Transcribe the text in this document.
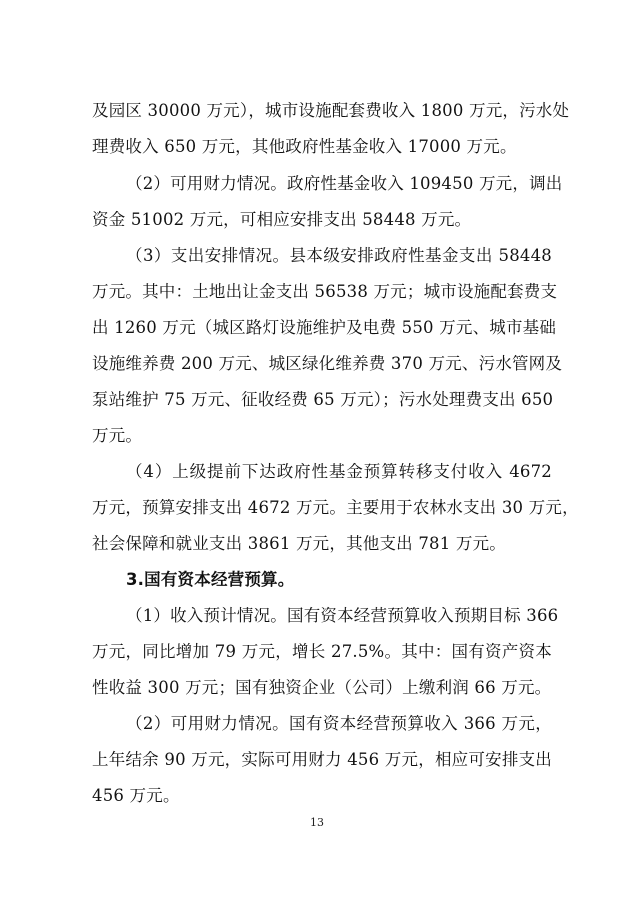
及园区 30000 万元），城市设施配套费收入 1800 万元，污水处
理费收入 650 万元，其他政府性基金收入 17000 万元。
（2）可用财力情况。政府性基金收入 109450 万元，调出
资金 51002 万元，可相应安排支出 58448 万元。
（3）支出安排情况。县本级安排政府性基金支出 58448
万元。其中：土地出让金支出 56538 万元；城市设施配套费支
出 1260 万元（城区路灯设施维护及电费 550 万元、城市基础
设施维养费 200 万元、城区绿化维养费 370 万元、污水管网及
泵站维护 75 万元、征收经费 65 万元）；污水处理费支出 650
万元。
（4）上级提前下达政府性基金预算转移支付收入 4672
万元，预算安排支出 4672 万元。主要用于农林水支出 30 万元，
社会保障和就业支出 3861 万元，其他支出 781 万元。
3.国有资本经营预算。
（1）收入预计情况。国有资本经营预算收入预期目标 366
万元，同比增加 79 万元，增长 27.5%。其中：国有资产资本
性收益 300 万元；国有独资企业（公司）上缴利润 66 万元。
（2）可用财力情况。国有资本经营预算收入 366 万元，
上年结余 90 万元，实际可用财力 456 万元，相应可安排支出
456 万元。
13
